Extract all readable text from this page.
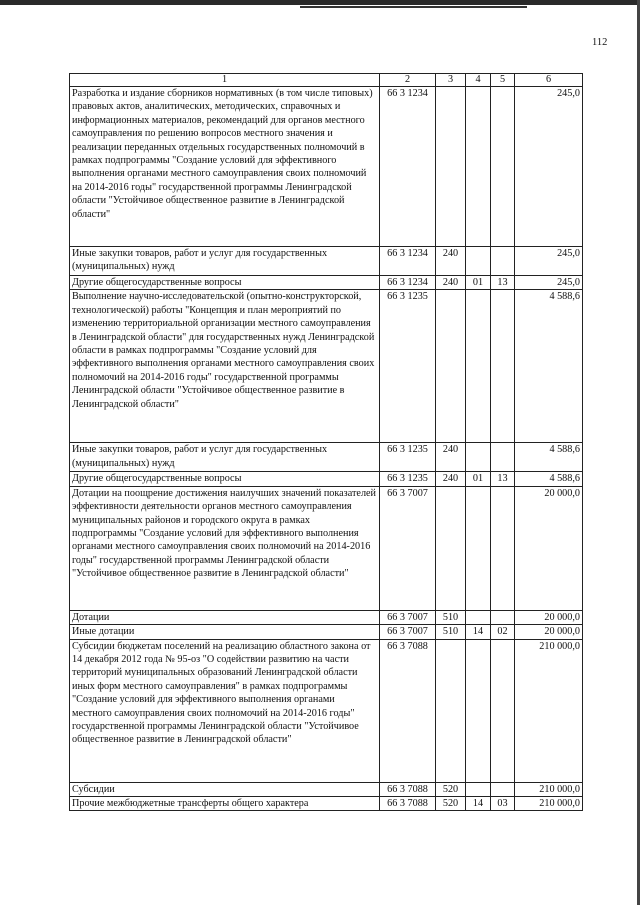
112
1	2	3	4	5	6
Разработка и издание сборников нормативных (в том числе типовых) правовых актов, аналитических, методических, справочных и информационных материалов, рекомендаций для органов местного самоуправления по решению вопросов местного значения и реализации переданных отдельных государственных полномочий в рамках подпрограммы "Создание условий для эффективного выполнения органами местного самоуправления своих полномочий на 2014-2016 годы" государственной программы Ленинградской области "Устойчивое общественное развитие в Ленинградской области"	66 3 1234				245,0
Иные закупки товаров, работ и услуг для государственных (муниципальных) нужд	66 3 1234	240			245,0
Другие общегосударственные вопросы	66 3 1234	240	01	13	245,0
Выполнение научно-исследовательской (опытно-конструкторской, технологической) работы "Концепция и план мероприятий по изменению территориальной организации местного самоуправления в Ленинградской области" для государственных нужд Ленинградской области в рамках подпрограммы "Создание условий для эффективного выполнения органами местного самоуправления своих полномочий на 2014-2016 годы" государственной программы Ленинградской области "Устойчивое общественное развитие в Ленинградской области"	66 3 1235				4 588,6
Иные закупки товаров, работ и услуг для государственных (муниципальных) нужд	66 3 1235	240			4 588,6
Другие общегосударственные вопросы	66 3 1235	240	01	13	4 588,6
Дотации на поощрение достижения наилучших значений показателей эффективности деятельности органов местного самоуправления муниципальных районов и городского округа в рамках подпрограммы "Создание условий для эффективного выполнения органами местного самоуправления своих полномочий на 2014-2016 годы" государственной программы Ленинградской области "Устойчивое общественное развитие в Ленинградской области"	66 3 7007				20 000,0
Дотации	66 3 7007	510			20 000,0
Иные дотации	66 3 7007	510	14	02	20 000,0
Субсидии бюджетам поселений на реализацию областного закона от 14 декабря 2012 года № 95-оз "О содействии развитию на части территорий муниципальных образований Ленинградской области иных форм местного самоуправления" в рамках подпрограммы "Создание условий для эффективного выполнения органами местного самоуправления своих полномочий на 2014-2016 годы" государственной программы Ленинградской области "Устойчивое общественное развитие в Ленинградской области"	66 3 7088				210 000,0
Субсидии	66 3 7088	520			210 000,0
Прочие межбюджетные трансферты общего характера	66 3 7088	520	14	03	210 000,0
